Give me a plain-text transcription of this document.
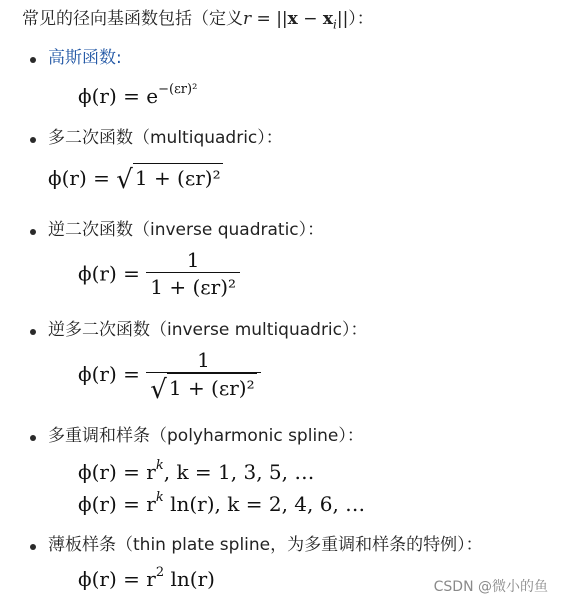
常见的径向基函数包括（定义$r = ||x - x_i||$）：
高斯函数:
$\phi(r) = e^{-(\varepsilon r)^2}$
多二次函数（multiquadric）：
ϕ(r) = √ 1 + (εr)²
逆二次函数（inverse quadratic）：
$\phi(r) = \frac{1}{\text{1 + (εr)²}}$
逆多二次函数（inverse multiquadric）：
$\phi(r) = \frac{1}{\text{√ 1 + (εr)²}}$
多重调和样条（polyharmonic spline）：
$\phi(r) = r^k$, k = 1, 3, 5, …
$\phi(r) = r^k$ ln(r), k = 2, 4, 6, …
薄板样条（thin plate spline，为多重调和样条的特例）：
$\phi(r) = r^2$ ln(r)	CSDN @微小的鱼
